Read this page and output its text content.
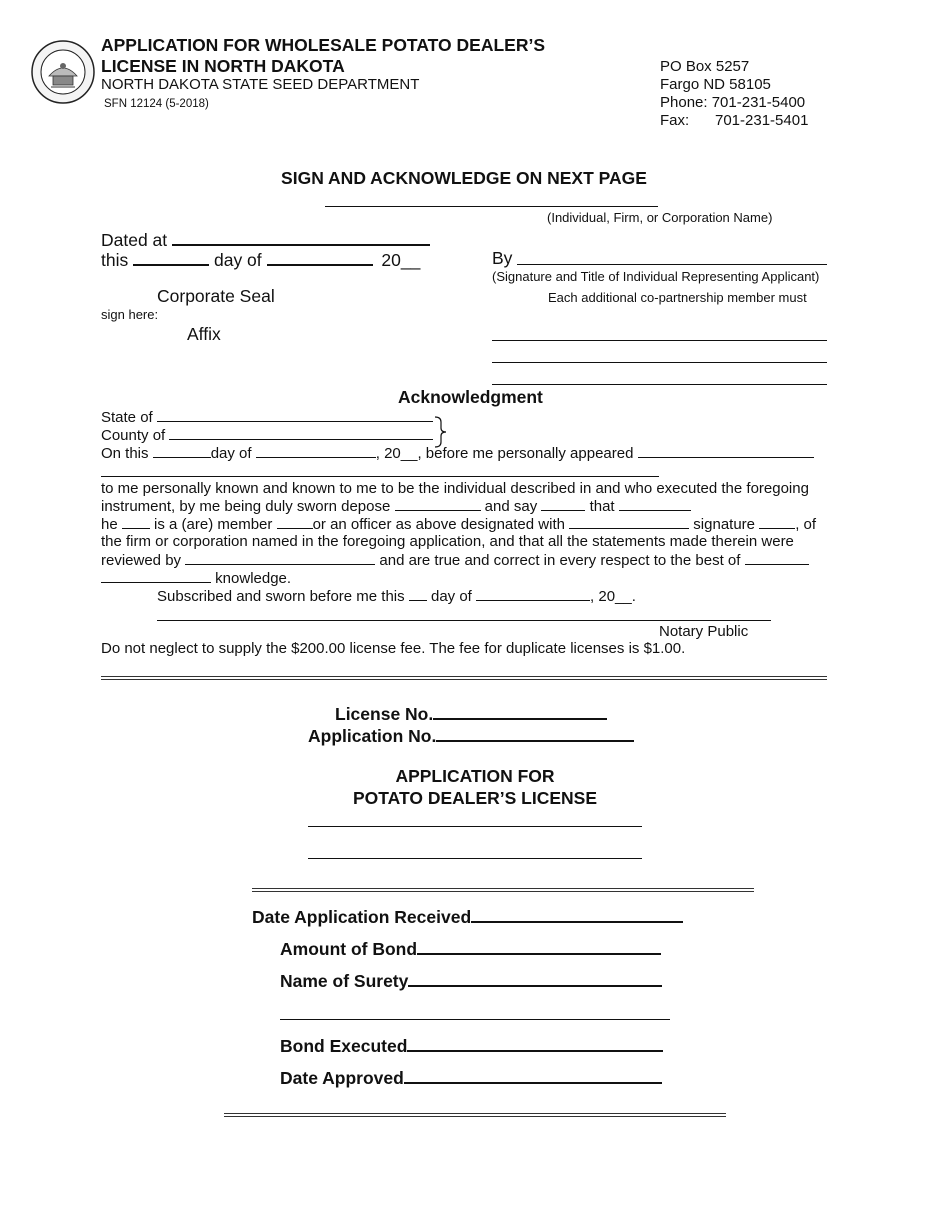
APPLICATION FOR WHOLESALE POTATO DEALER’S
LICENSE IN NORTH DAKOTA
NORTH DAKOTA STATE SEED DEPARTMENT
SFN 12124 (5-2018)
PO Box 5257
Fargo ND 58105
Phone: 701-231-5400
Fax: 701-231-5401
SIGN AND ACKNOWLEDGE ON NEXT PAGE
(Individual, Firm, or Corporation Name)
Dated at
this	day of	20__	By
(Signature and Title of Individual Representing Applicant)
Corporate Seal	Each additional co-partnership member must
sign here:
Affix
Acknowledgment
State of
County of
On this	day of	, 20__, before me personally appeared
to me personally known and known to me to be the individual described in and who executed the foregoing
instrument, by me being duly sworn depose	and say	that
he is a (are) member	or an officer as above designated with	signature	, of
the firm or corporation named in the foregoing application, and that all the statements made therein were
reviewed by	and are true and correct in every respect to the best of
knowledge.
Subscribed and sworn before me this day of	, 20__.
Notary Public
Do not neglect to supply the $200.00 license fee. The fee for duplicate licenses is $1.00.
License No.
Application No.
APPLICATION FOR
POTATO DEALER’S LICENSE
Date Application Received
Amount of Bond
Name of Surety
Bond Executed
Date Approved
